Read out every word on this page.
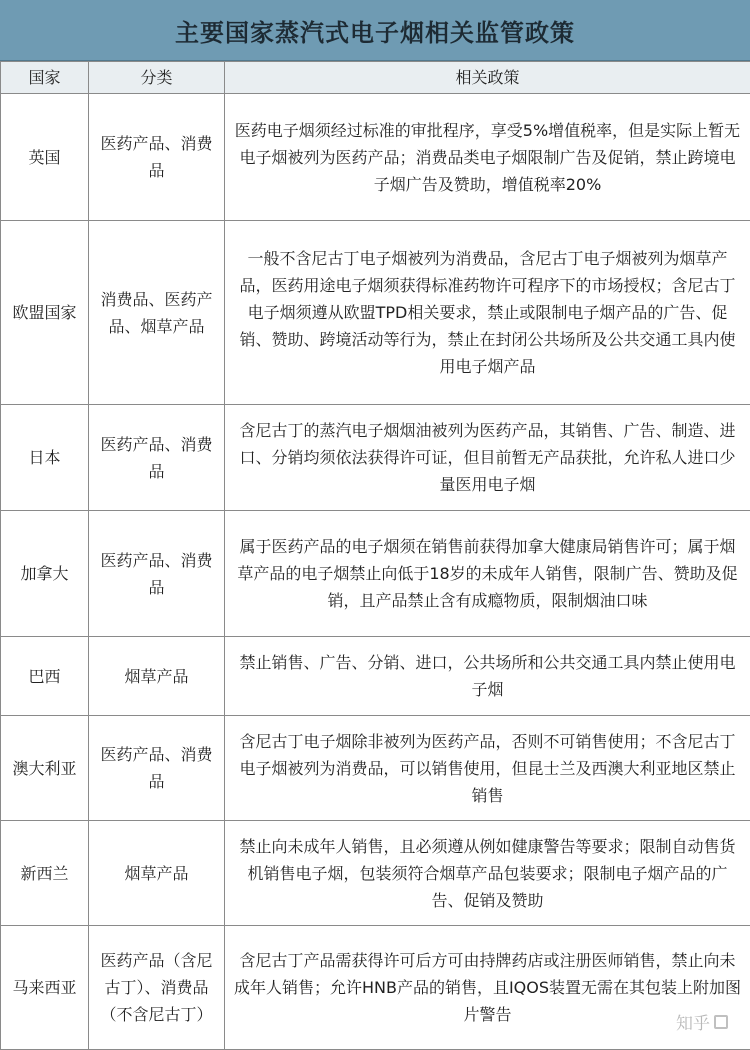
主要国家蒸汽式电子烟相关监管政策
国家	分类	相关政策
英国	医药产品、消费品	医药电子烟须经过标准的审批程序，享受5%增值税率，但是实际上暂无电子烟被列为医药产品；消费品类电子烟限制广告及促销，禁止跨境电子烟广告及赞助，增值税率20%
欧盟国家	消费品、医药产品、烟草产品	一般不含尼古丁电子烟被列为消费品，含尼古丁电子烟被列为烟草产品，医药用途电子烟须获得标准药物许可程序下的市场授权；含尼古丁电子烟须遵从欧盟TPD相关要求，禁止或限制电子烟产品的广告、促销、赞助、跨境活动等行为，禁止在封闭公共场所及公共交通工具内使用电子烟产品
日本	医药产品、消费品	含尼古丁的蒸汽电子烟烟油被列为医药产品，其销售、广告、制造、进口、分销均须依法获得许可证，但目前暂无产品获批，允许私人进口少量医用电子烟
加拿大	医药产品、消费品	属于医药产品的电子烟须在销售前获得加拿大健康局销售许可；属于烟草产品的电子烟禁止向低于18岁的未成年人销售，限制广告、赞助及促销，且产品禁止含有成瘾物质，限制烟油口味
巴西	烟草产品	禁止销售、广告、分销、进口，公共场所和公共交通工具内禁止使用电子烟
澳大利亚	医药产品、消费品	含尼古丁电子烟除非被列为医药产品，否则不可销售使用；不含尼古丁电子烟被列为消费品，可以销售使用，但昆士兰及西澳大利亚地区禁止销售
新西兰	烟草产品	禁止向未成年人销售，且必须遵从例如健康警告等要求；限制自动售货机销售电子烟，包装须符合烟草产品包装要求；限制电子烟产品的广告、促销及赞助
马来西亚	医药产品（含尼古丁）、消费品（不含尼古丁）	含尼古丁产品需获得许可后方可由持牌药店或注册医师销售，禁止向未成年人销售；允许HNB产品的销售，且IQOS装置无需在其包装上附加图片警告	知乎
